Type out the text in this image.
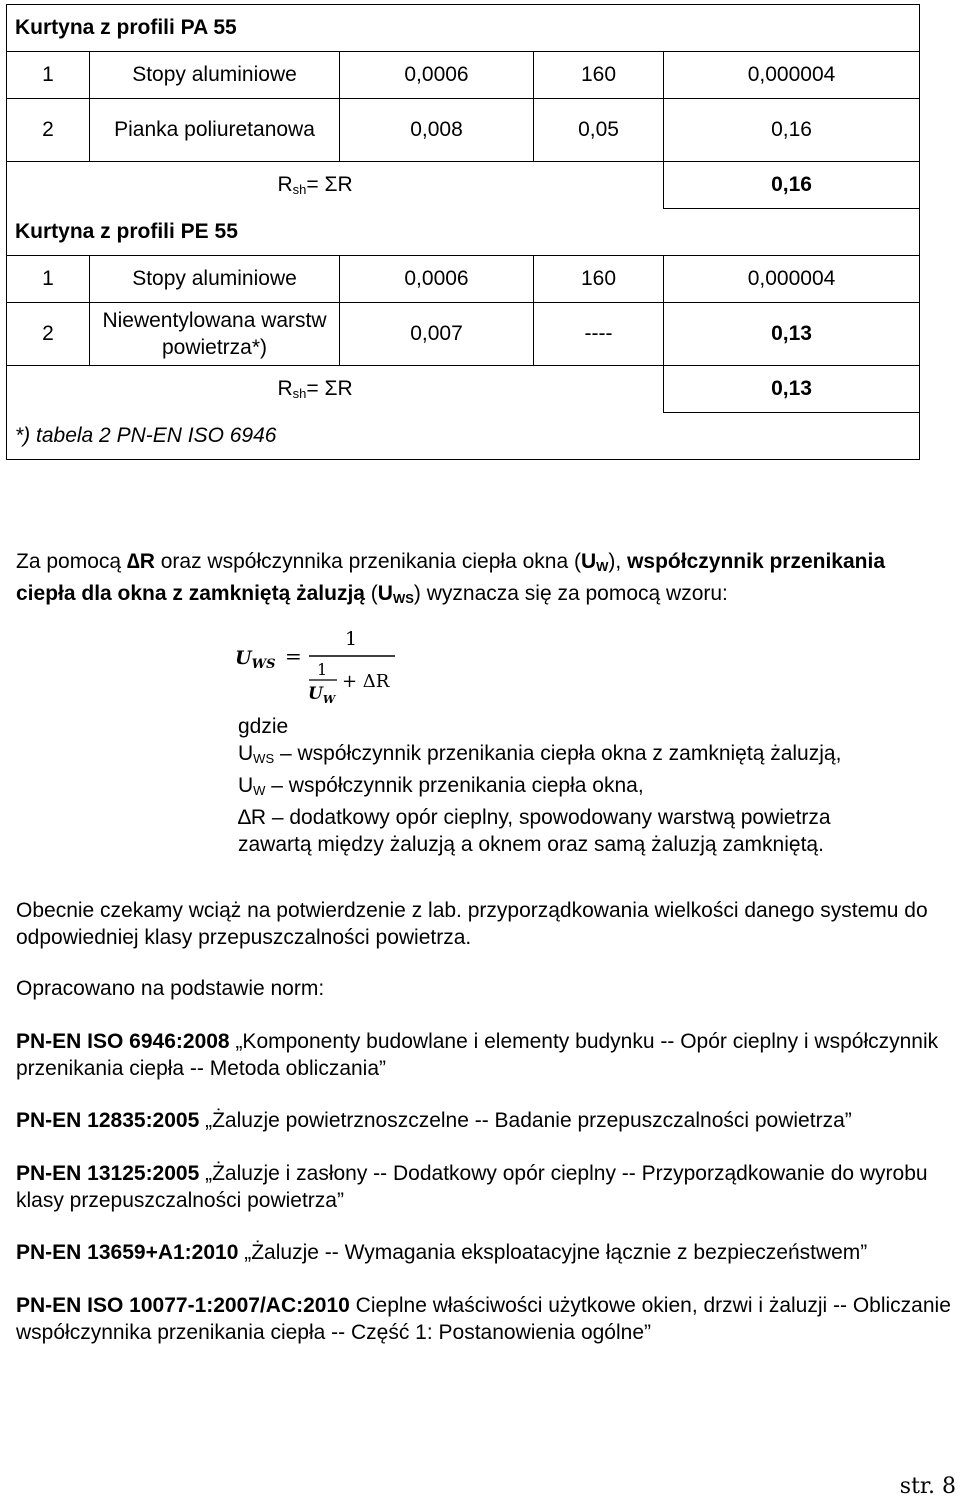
Kurtyna z profili PA 55				
1	Stopy aluminiowe	0,0006	160	0,000004
2	Pianka poliuretanowa	0,008	0,05	0,16
	$R_{sh}= \Sigma R$			0,16
Kurtyna z profili PE 55				
1	Stopy aluminiowe	0,0006	160	0,000004
2	Niewentylowana warstw powietrza*)	0,007	----	0,13
	$R_{sh}= \Sigma R$			0,13
*) tabela 2 PN-EN ISO 6946				
Za pomocą ∆R oraz współczynnika przenikania ciepła okna $(U_W)$, współczynnik przenikania ciepła dla okna z zamkniętą żaluzją $(U_{WS})$ wyznacza się za pomocą wzoru:
$U_{WS}$ =
1
1
$U_W$
+ ΔR
gdzie
$U_{WS}$ – współczynnik przenikania ciepła okna z zamkniętą żaluzją,
$U_W$ – współczynnik przenikania ciepła okna,
∆R – dodatkowy opór cieplny, spowodowany warstwą powietrza
zawartą między żaluzją a oknem oraz samą żaluzją zamkniętą.
Obecnie czekamy wciąż na potwierdzenie z lab. przyporządkowania wielkości danego systemu do odpowiedniej klasy przepuszczalności powietrza.
Opracowano na podstawie norm:
PN-EN ISO 6946:2008 „Komponenty budowlane i elementy budynku -- Opór cieplny i współczynnik przenikania ciepła -- Metoda obliczania”
PN-EN 12835:2005 „Żaluzje powietrznoszczelne -- Badanie przepuszczalności powietrza”
PN-EN 13125:2005 „Żaluzje i zasłony -- Dodatkowy opór cieplny -- Przyporządkowanie do wyrobu klasy przepuszczalności powietrza”
PN-EN 13659+A1:2010 „Żaluzje -- Wymagania eksploatacyjne łącznie z bezpieczeństwem”
PN-EN ISO 10077-1:2007/AC:2010 Cieplne właściwości użytkowe okien, drzwi i żaluzji -- Obliczanie współczynnika przenikania ciepła -- Część 1: Postanowienia ogólne”
str. 8
